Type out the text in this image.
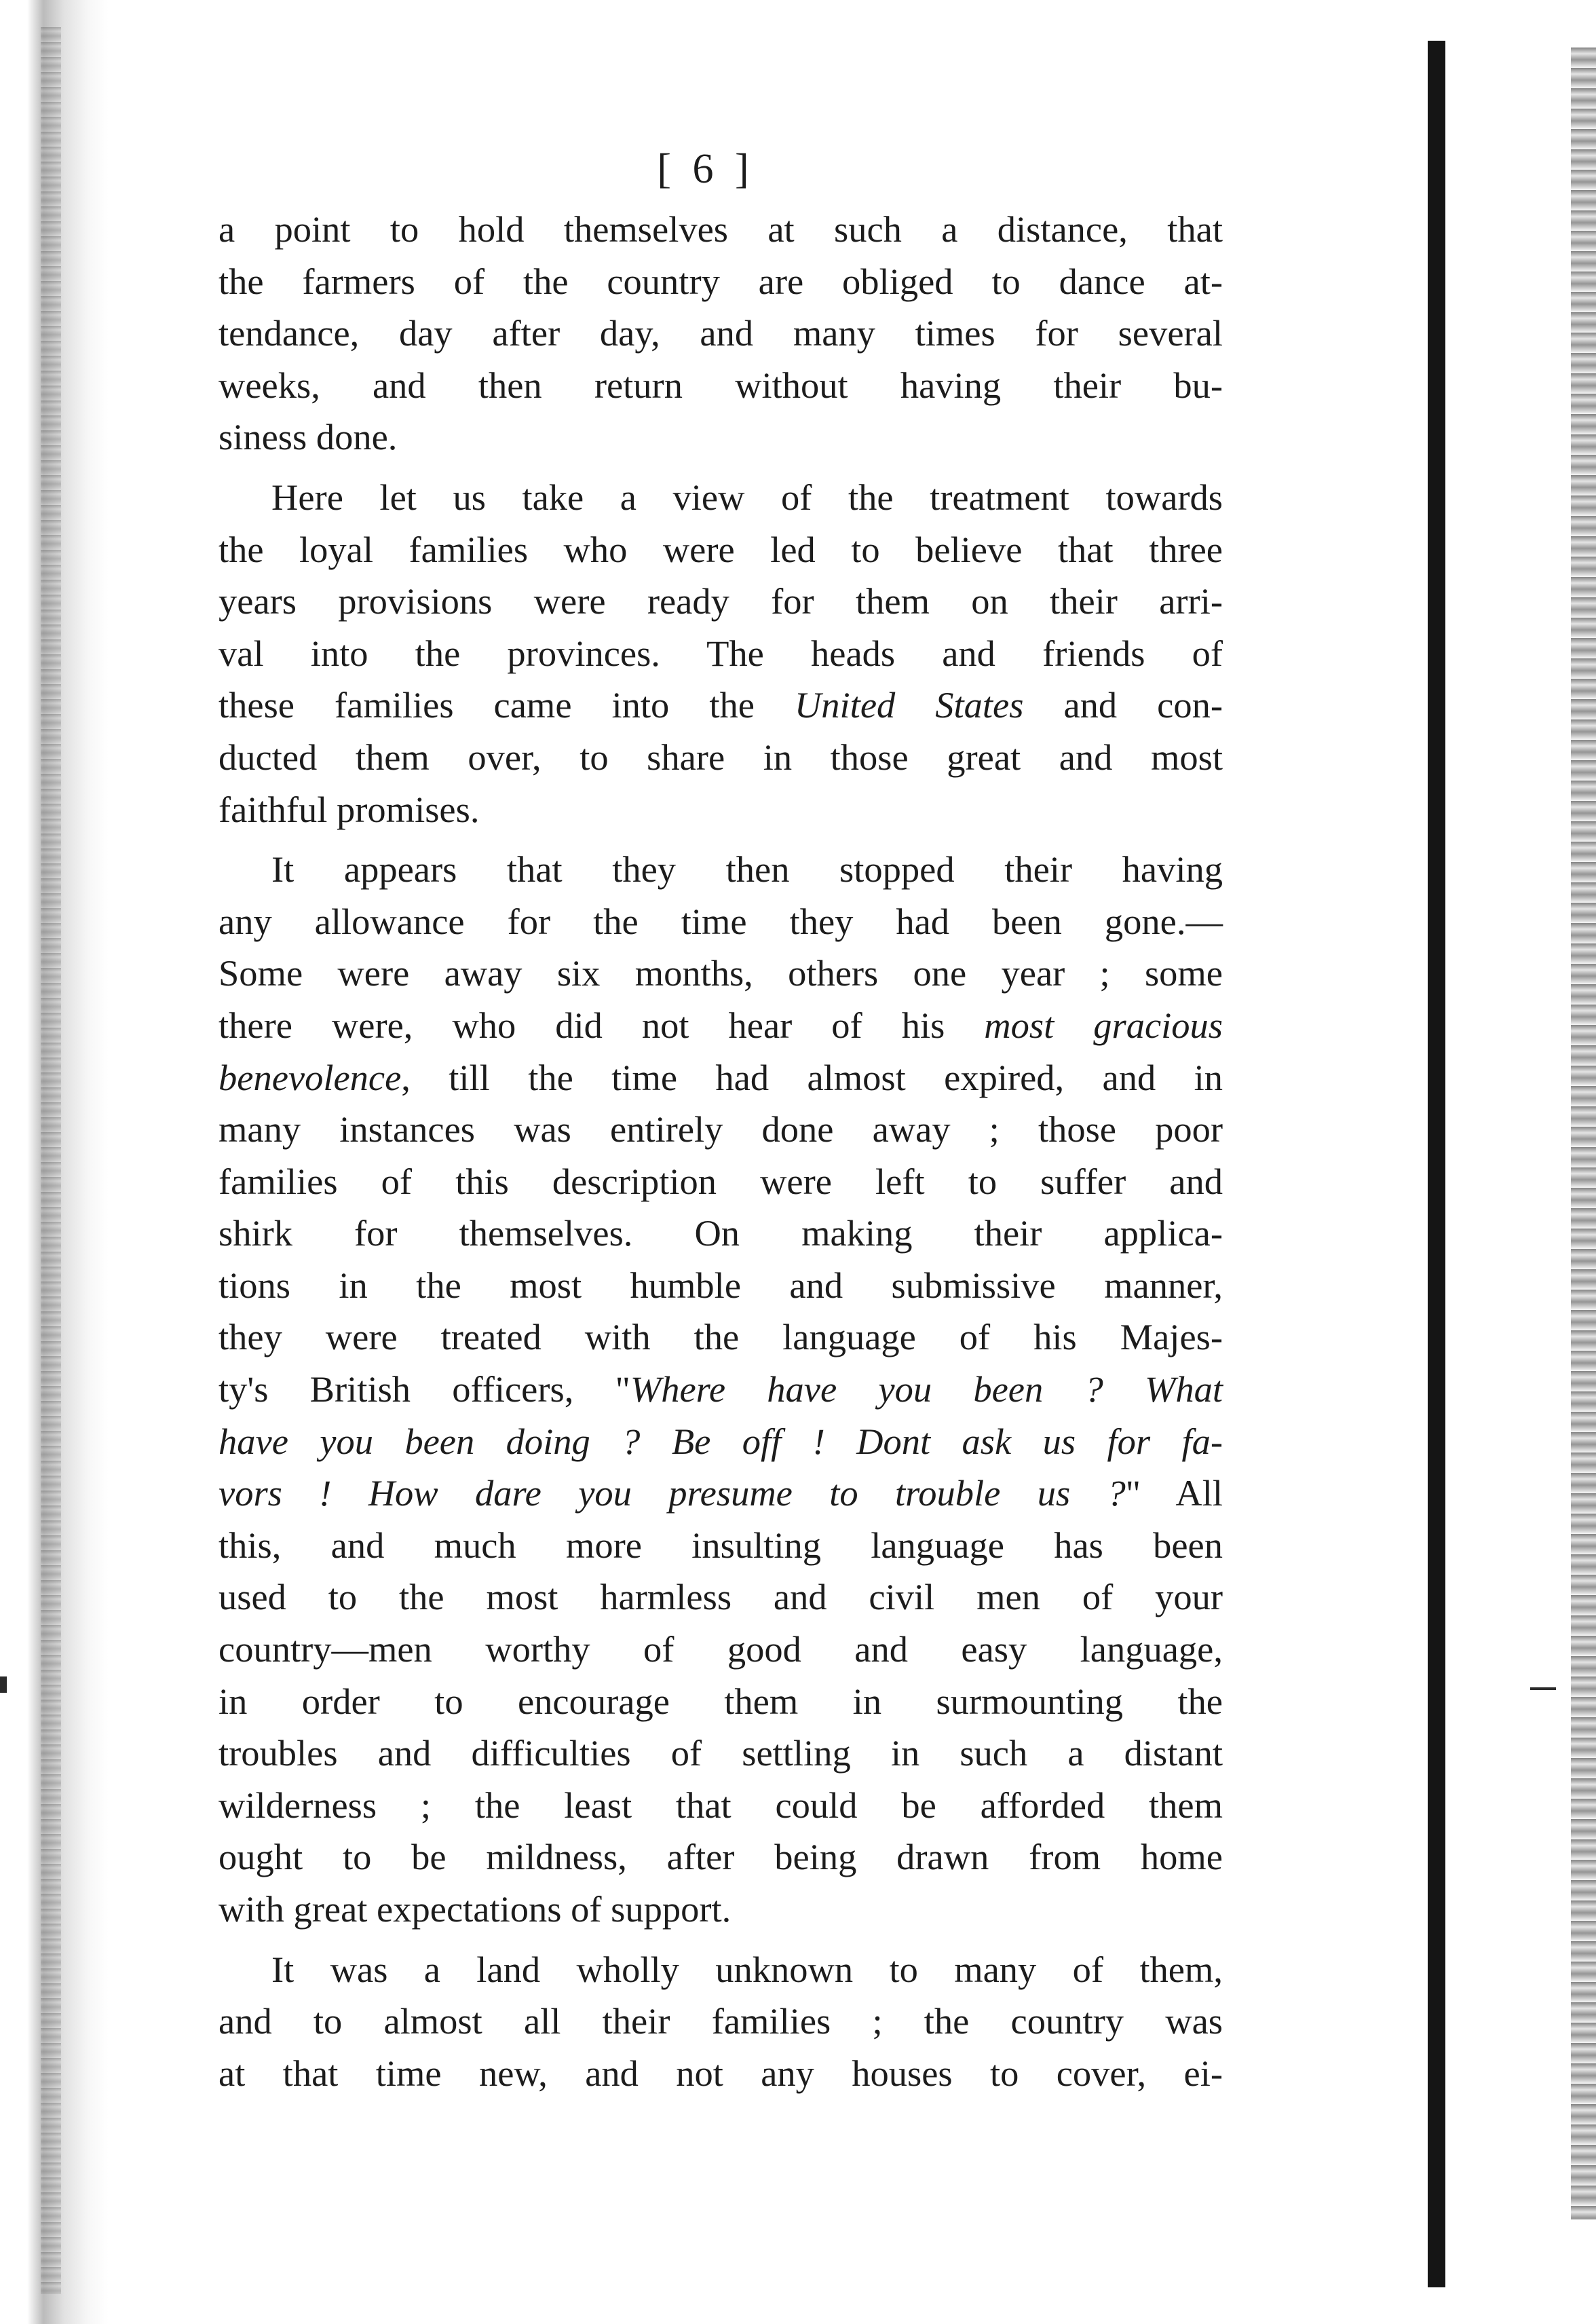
[ 6 ]
a point to hold themselves at such a distance, that
the farmers of the country are obliged to dance at-
tendance, day after day, and many times for several
weeks, and then return without having their bu-
siness done.
Here let us take a view of the treatment towards
the loyal families who were led to believe that three
years provisions were ready for them on their arri-
val into the provinces. The heads and friends of
these families came into the United States and con-
ducted them over, to share in those great and most
faithful promises.
It appears that they then stopped their having
any allowance for the time they had been gone.—
Some were away six months, others one year ; some
there were, who did not hear of his most gracious
benevolence, till the time had almost expired, and in
many instances was entirely done away ; those poor
families of this description were left to suffer and
shirk for themselves. On making their applica-
tions in the most humble and submissive manner,
they were treated with the language of his Majes-
ty's British officers, "Where have you been ? What
have you been doing ? Be off ! Dont ask us for fa-
vors ! How dare you presume to trouble us ?" All
this, and much more insulting language has been
used to the most harmless and civil men of your
country—men worthy of good and easy language,
in order to encourage them in surmounting the
troubles and difficulties of settling in such a distant
wilderness ; the least that could be afforded them
ought to be mildness, after being drawn from home
with great expectations of support.
It was a land wholly unknown to many of them,
and to almost all their families ; the country was
at that time new, and not any houses to cover, ei-
